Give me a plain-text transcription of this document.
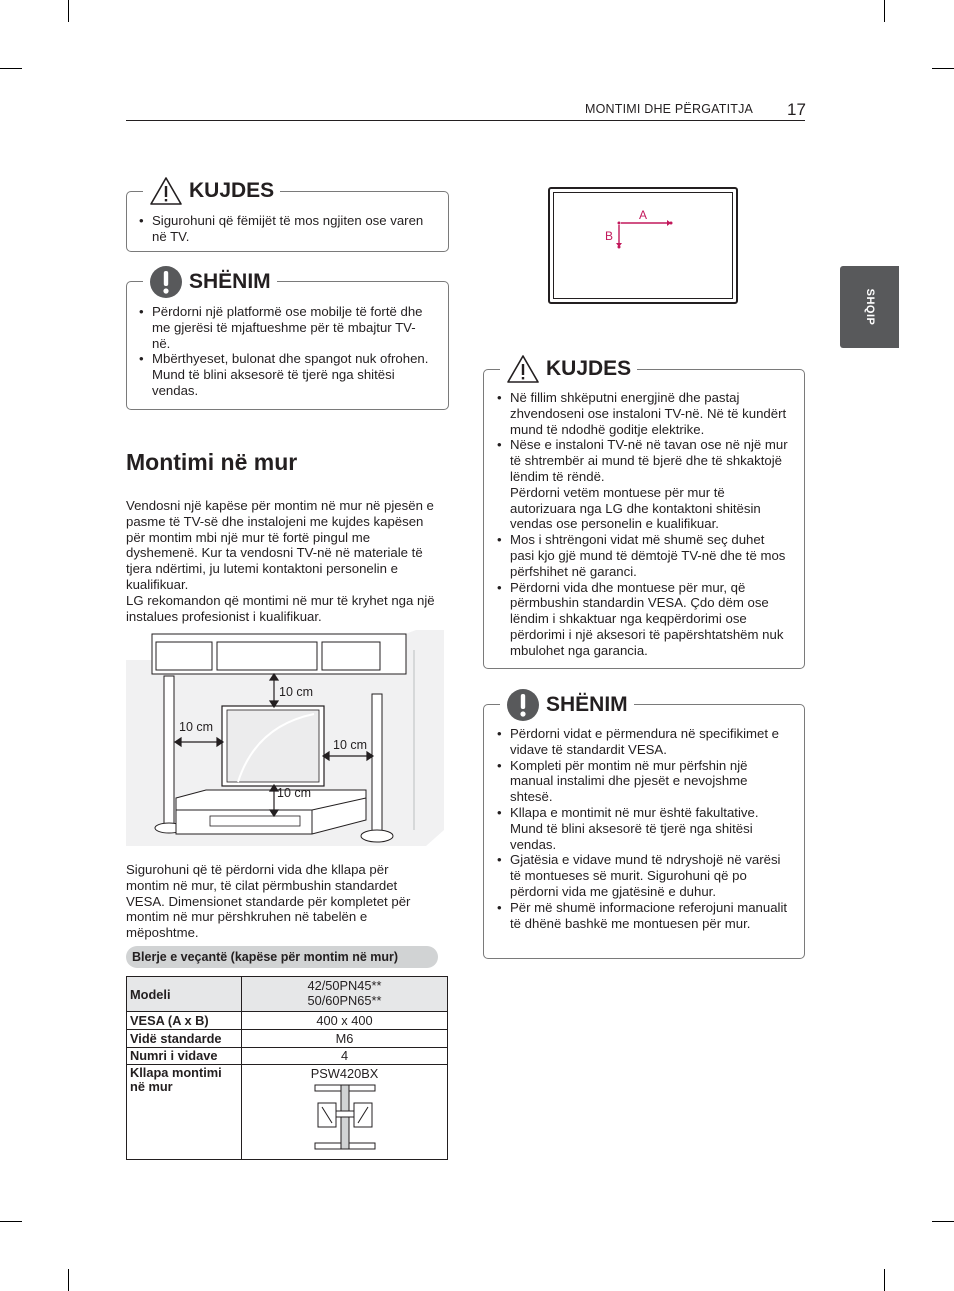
MONTIMI DHE PËRGATITJA 17
SHQIP
KUJDES
• Sigurohuni që fëmijët të mos ngjiten ose varen në TV.
SHËNIM
• Përdorni një platformë ose mobilje të fortë dhe me gjerësi të mjaftueshme për të mbajtur TV-në.
• Mbërthyeset, bulonat dhe spangot nuk ofrohen. Mund të blini aksesorë të tjerë nga shitësi vendas.
Montimi në mur
Vendosni një kapëse për montim në mur në pjesën e pasme të TV-së dhe instalojeni me kujdes kapësen për montim mbi një mur të fortë pingul me dyshemenë. Kur ta vendosni TV-në në materiale të tjera ndërtimi, ju lutemi kontaktoni personelin e kualifikuar.
LG rekomandon që montimi në mur të kryhet nga një instalues profesionist i kualifikuar.
10 cm
10 cm
10 cm
10 cm
Sigurohuni që të përdorni vida dhe kllapa për montim në mur, të cilat përmbushin standardet VESA. Dimensionet standarde për kompletet për montim në mur përshkruhen në tabelën e mëposhtme.
Blerje e veçantë (kapëse për montim në mur)
Modeli	42/50PN45**
50/60PN65**
VESA (A x B)	400 x 400
Vidë standarde	M6
Numri i vidave	4
Kllapa montimi
në mur	PSW420BX
A
B
KUJDES
• Në fillim shkëputni energjinë dhe pastaj zhvendoseni ose instaloni TV-në. Në të kundërt mund të ndodhë goditje elektrike.
• Nëse e instaloni TV-në në tavan ose në një mur të shtrembër ai mund të bjerë dhe të shkaktojë lëndim të rëndë.
Përdorni vetëm montuese për mur të autorizuara nga LG dhe kontaktoni shitësin vendas ose personelin e kualifikuar.
• Mos i shtrëngoni vidat më shumë seç duhet pasi kjo gjë mund të dëmtojë TV-në dhe të mos përfshihet në garanci.
• Përdorni vida dhe montuese për mur, që përmbushin standardin VESA. Çdo dëm ose lëndim i shkaktuar nga keqpërdorimi ose përdorimi i një aksesori të papërshtatshëm nuk mbulohet nga garancia.
SHËNIM
• Përdorni vidat e përmendura në specifikimet e vidave të standardit VESA.
• Kompleti për montim në mur përfshin një manual instalimi dhe pjesët e nevojshme shtesë.
• Kllapa e montimit në mur është fakultative. Mund të blini aksesorë të tjerë nga shitësi vendas.
• Gjatësia e vidave mund të ndryshojë në varësi të montueses së murit. Sigurohuni që po përdorni vida me gjatësinë e duhur.
• Për më shumë informacione referojuni manualit të dhënë bashkë me montuesen për mur.
